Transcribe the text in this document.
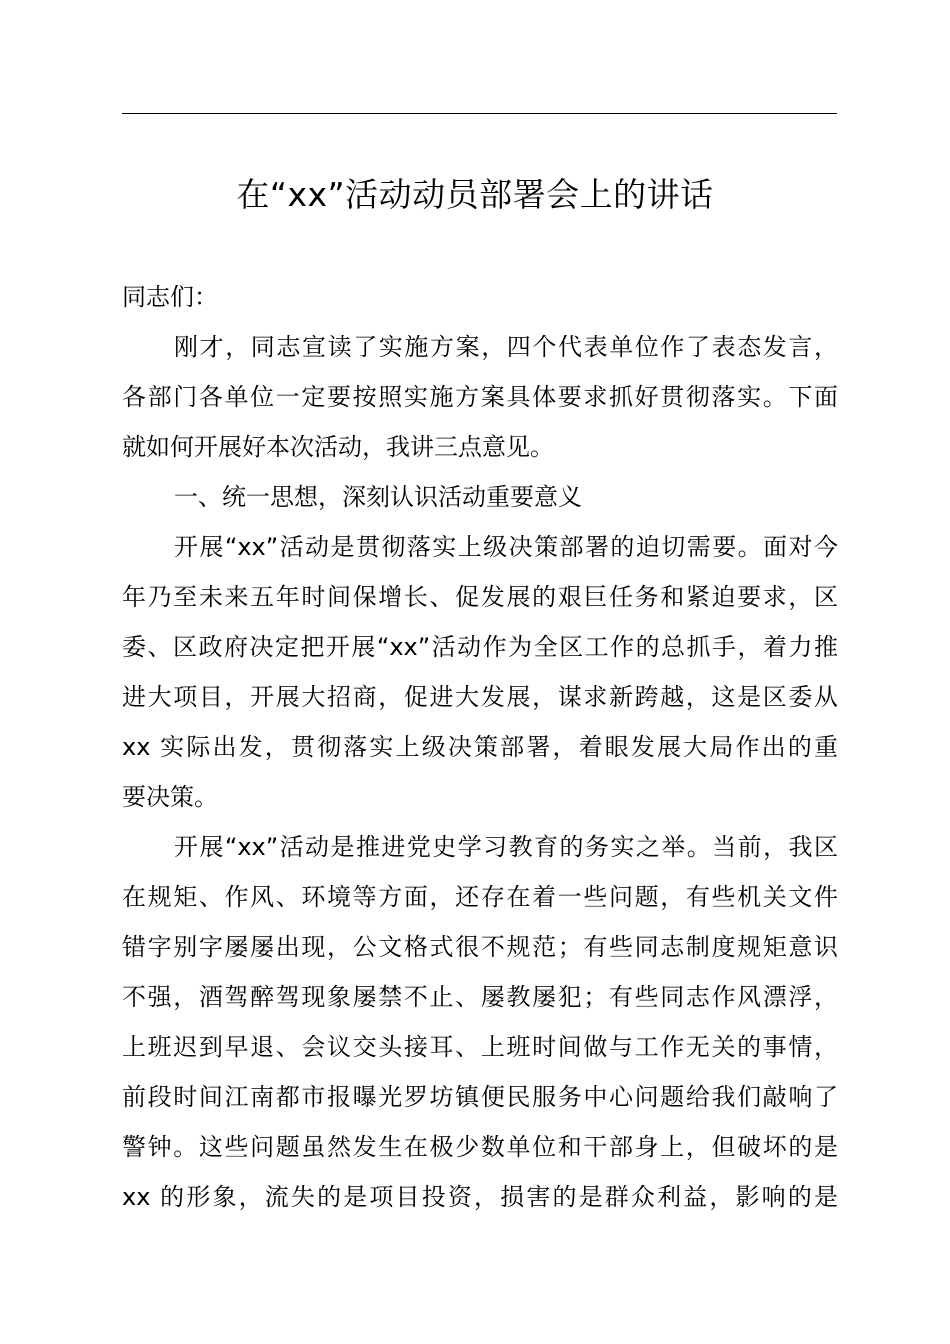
在“xx”活动动员部署会上的讲话
同志们：
刚才，同志宣读了实施方案，四个代表单位作了表态发言，
各部门各单位一定要按照实施方案具体要求抓好贯彻落实。下面
就如何开展好本次活动，我讲三点意见。
一、统一思想，深刻认识活动重要意义
开展“xx”活动是贯彻落实上级决策部署的迫切需要。面对今
年乃至未来五年时间保增长、促发展的艰巨任务和紧迫要求，区
委、区政府决定把开展“xx”活动作为全区工作的总抓手，着力推
进大项目，开展大招商，促进大发展，谋求新跨越，这是区委从
xx 实际出发，贯彻落实上级决策部署，着眼发展大局作出的重
要决策。
开展“xx”活动是推进党史学习教育的务实之举。当前，我区
在规矩、作风、环境等方面，还存在着一些问题，有些机关文件
错字别字屡屡出现，公文格式很不规范；有些同志制度规矩意识
不强，酒驾醉驾现象屡禁不止、屡教屡犯；有些同志作风漂浮，
上班迟到早退、会议交头接耳、上班时间做与工作无关的事情，
前段时间江南都市报曝光罗坊镇便民服务中心问题给我们敲响了
警钟。这些问题虽然发生在极少数单位和干部身上，但破坏的是
xx 的形象，流失的是项目投资，损害的是群众利益，影响的是
